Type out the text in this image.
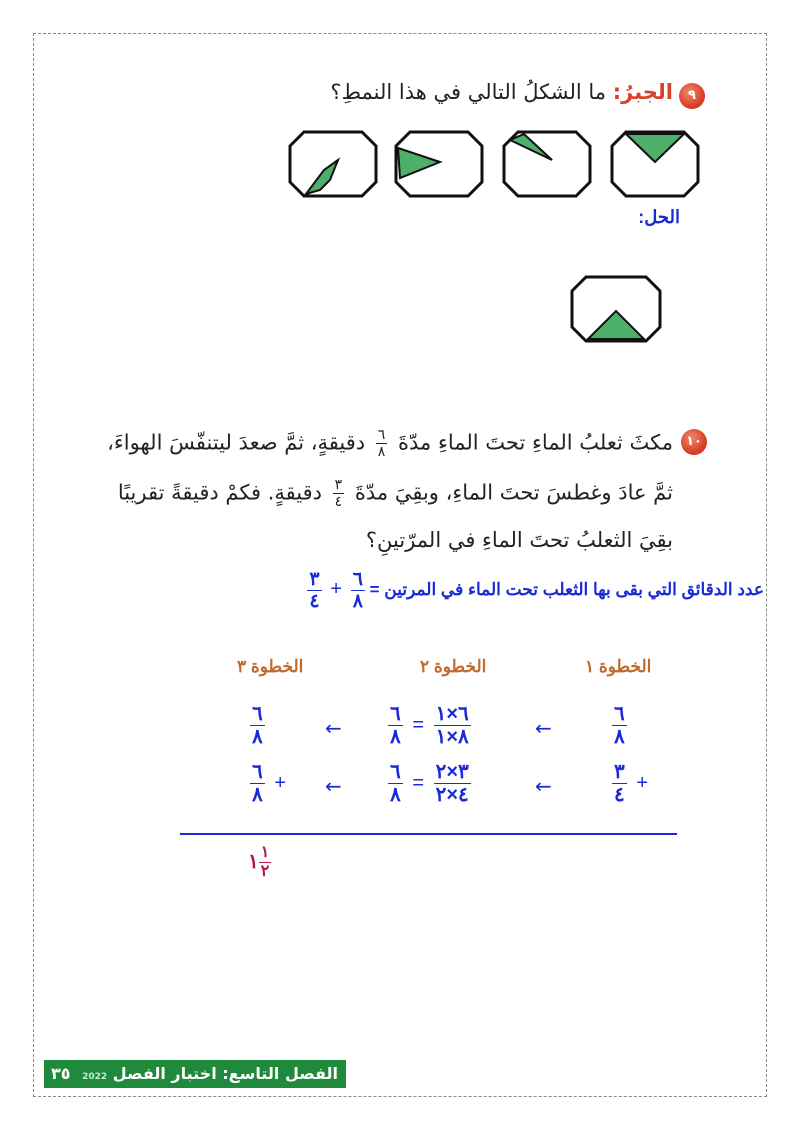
٩
الجبرُ: ما الشكلُ التالي في هذا النمطِ؟
الحل:
١٠
مكثَ ثعلبُ الماءِ تحتَ الماءِ مدّةَ
$\frac{٦}{٨}$
دقيقةٍ، ثمَّ صعدَ ليتنفّسَ الهواءَ،
ثمَّ عادَ وغطسَ تحتَ الماءِ، وبقِيَ مدّةَ
$\frac{٣}{٤}$
دقيقةٍ. فكمْ دقيقةً تقريبًا
بقِيَ الثعلبُ تحتَ الماءِ في المرّتينِ؟
عدد الدقائق التي بقى بها الثعلب تحت الماء في المرتين =
$\frac{٦}{٨}$
+
$\frac{٣}{٤}$
الخطوة ١
الخطوة ٢
الخطوة ٣
$\frac{٦}{٨}$
←
$\frac{٦}{٨} = \frac{٦\times ١}{٨\times ١}$
←
$\frac{٦}{٨}$
$\frac{٣}{٤}$ +
←
$\frac{٦}{٨} = \frac{٣\times ٢}{٤\times ٢}$
←
$\frac{٦}{٨}$ +
١ $\frac{١}{٢}$
الفصل التاسع: اختبار الفصل 2022 ٣٥
